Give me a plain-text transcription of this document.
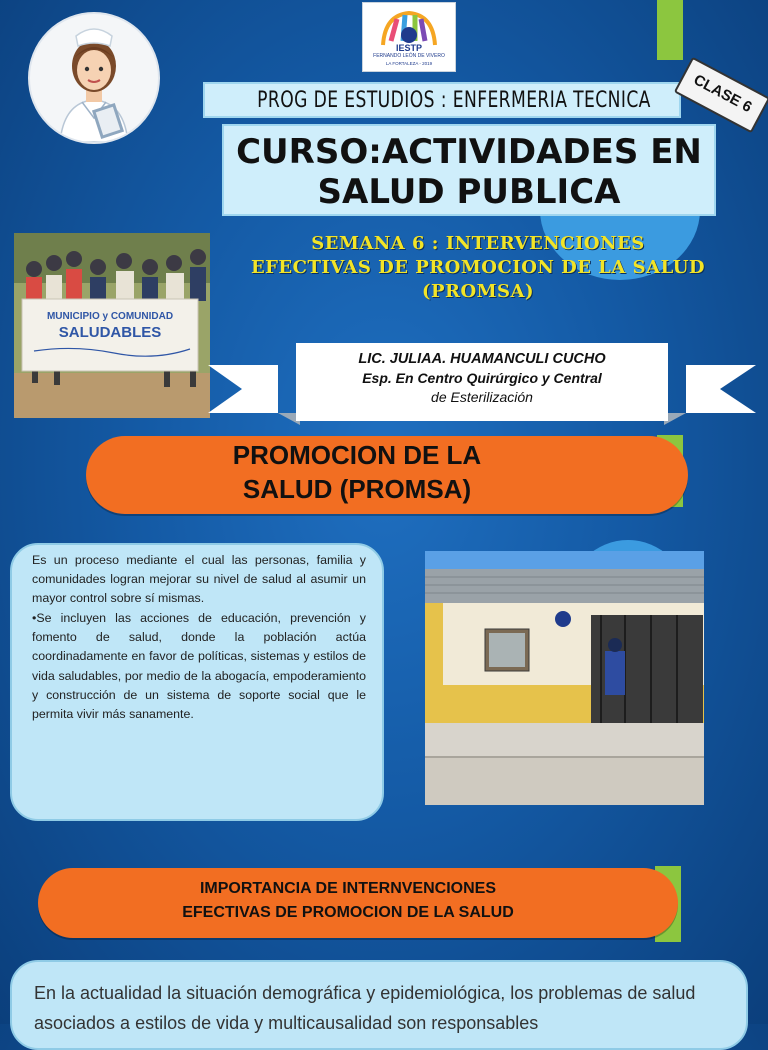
IESTP
FERNANDO LEÓN DE VIVERO
LA FORTALEZA - 2019
PROG DE ESTUDIOS : ENFERMERIA TECNICA	CLASE 6
CURSO:ACTIVIDADES EN
SALUD PUBLICA
SEMANA 6 : INTERVENCIONES
EFECTIVAS DE PROMOCION DE LA SALUD
(PROMSA)
MUNICIPIO y COMUNIDAD
SALUDABLES
LIC. JULIAA. HUAMANCULI CUCHO
Esp. En Centro Quirúrgico y Central
de Esterilización
PROMOCION DE LA
SALUD (PROMSA)
Es un proceso mediante el cual las personas, familia y comunidades logran mejorar su nivel de salud al asumir un mayor control sobre sí mismas.
•Se incluyen las acciones de educación, prevención y fomento de salud, donde la población actúa coordinadamente en favor de políticas, sistemas y estilos de vida saludables, por medio de la abogacía, empoderamiento y construcción de un sistema de soporte social que le permita vivir más sanamente.
IMPORTANCIA DE INTERNVENCIONES
EFECTIVAS DE PROMOCION DE LA SALUD
En la actualidad la situación demográfica y epidemiológica, los problemas de salud asociados a estilos de vida y multicausalidad son responsables
